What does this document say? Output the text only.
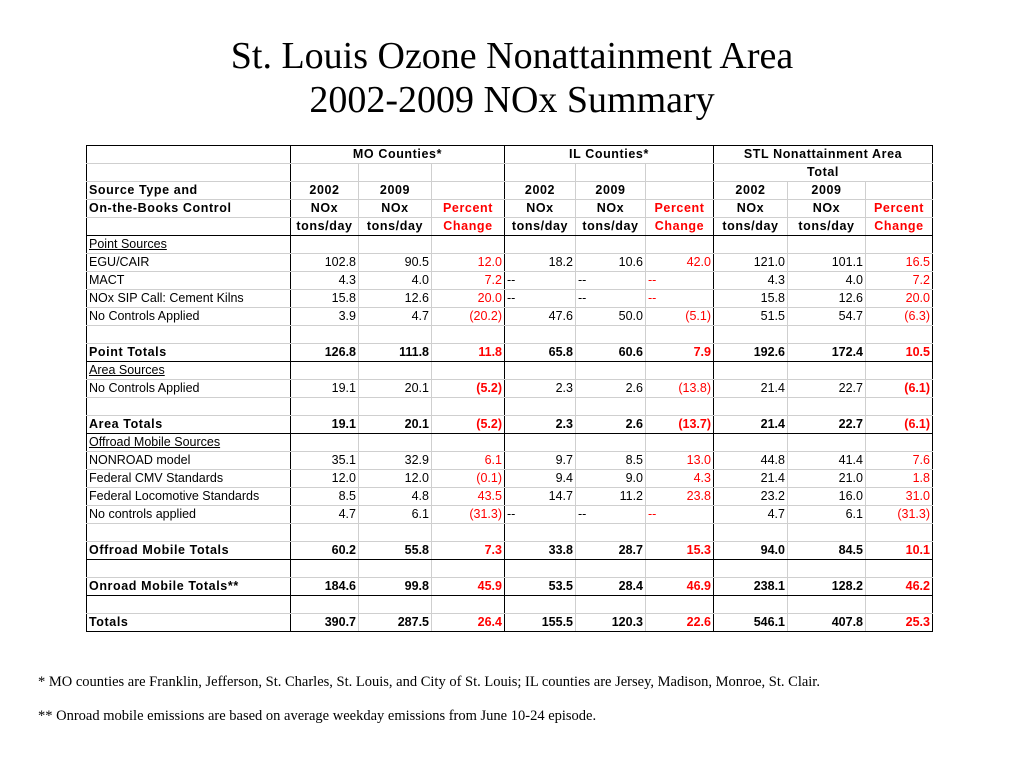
St. Louis Ozone Nonattainment Area
2002-2009 NOx Summary
	MO Counties*			IL Counties*			STL Nonattainment Area		
							Total		
Source Type and	2002	2009		2002	2009		2002	2009	
On-the-Books Control	NOx	NOx	Percent	NOx	NOx	Percent	NOx	NOx	Percent
	tons/day	tons/day	Change	tons/day	tons/day	Change	tons/day	tons/day	Change
Point Sources									
EGU/CAIR	102.8	90.5	12.0	18.2	10.6	42.0	121.0	101.1	16.5
MACT	4.3	4.0	7.2	--	--	--	4.3	4.0	7.2
NOx SIP Call: Cement Kilns	15.8	12.6	20.0	--	--	--	15.8	12.6	20.0
No Controls Applied	3.9	4.7	(20.2)	47.6	50.0	(5.1)	51.5	54.7	(6.3)

Point Totals	126.8	111.8	11.8	65.8	60.6	7.9	192.6	172.4	10.5
Area Sources									
No Controls Applied	19.1	20.1	(5.2)	2.3	2.6	(13.8)	21.4	22.7	(6.1)

Area Totals	19.1	20.1	(5.2)	2.3	2.6	(13.7)	21.4	22.7	(6.1)
Offroad Mobile Sources									
NONROAD model	35.1	32.9	6.1	9.7	8.5	13.0	44.8	41.4	7.6
Federal CMV Standards	12.0	12.0	(0.1)	9.4	9.0	4.3	21.4	21.0	1.8
Federal Locomotive Standards	8.5	4.8	43.5	14.7	11.2	23.8	23.2	16.0	31.0
No controls applied	4.7	6.1	(31.3)	--	--	--	4.7	6.1	(31.3)

Offroad Mobile Totals	60.2	55.8	7.3	33.8	28.7	15.3	94.0	84.5	10.1

Onroad Mobile Totals**	184.6	99.8	45.9	53.5	28.4	46.9	238.1	128.2	46.2

Totals	390.7	287.5	26.4	155.5	120.3	22.6	546.1	407.8	25.3
* MO counties are Franklin, Jefferson, St. Charles, St. Louis, and City of St. Louis; IL counties are Jersey, Madison, Monroe, St. Clair.
** Onroad mobile emissions are based on average weekday emissions from June 10-24 episode.
